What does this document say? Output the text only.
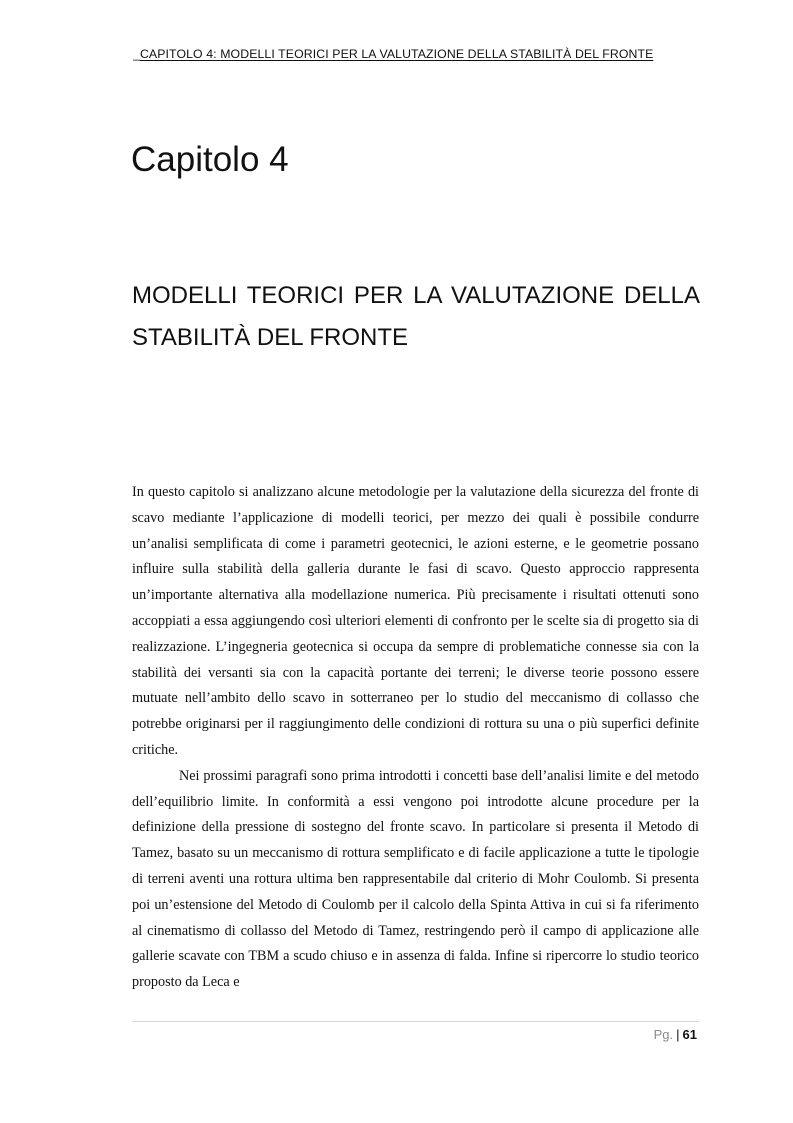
_CAPITOLO 4: MODELLI TEORICI PER LA VALUTAZIONE DELLA STABILITÀ DEL FRONTE
Capitolo 4
MODELLI TEORICI PER LA VALUTAZIONE DELLA STABILITÀ DEL FRONTE

In questo capitolo si analizzano alcune metodologie per la valutazione della sicurezza del fronte di scavo mediante l’applicazione di modelli teorici, per mezzo dei quali è possibile condurre un’analisi semplificata di come i parametri geotecnici, le azioni esterne, e le geometrie possano influire sulla stabilità della galleria durante le fasi di scavo. Questo approccio rappresenta un’importante alternativa alla modellazione numerica. Più precisamente i risultati ottenuti sono accoppiati a essa aggiungendo così ulteriori elementi di confronto per le scelte sia di progetto sia di realizzazione. L’ingegneria geotecnica si occupa da sempre di problematiche connesse sia con la stabilità dei versanti sia con la capacità portante dei terreni; le diverse teorie possono essere mutuate nell’ambito dello scavo in sotterraneo per lo studio del meccanismo di collasso che potrebbe originarsi per il raggiungimento delle condizioni di rottura su una o più superfici definite critiche.

Nei prossimi paragrafi sono prima introdotti i concetti base dell’analisi limite e del metodo dell’equilibrio limite. In conformità a essi vengono poi introdotte alcune procedure per la definizione della pressione di sostegno del fronte scavo. In particolare si presenta il Metodo di Tamez, basato su un meccanismo di rottura semplificato e di facile applicazione a tutte le tipologie di terreni aventi una rottura ultima ben rappresentabile dal criterio di Mohr Coulomb. Si presenta poi un’estensione del Metodo di Coulomb per il calcolo della Spinta Attiva in cui si fa riferimento al cinematismo di collasso del Metodo di Tamez, restringendo però il campo di applicazione alle gallerie scavate con TBM a scudo chiuso e in assenza di falda. Infine si ripercorre lo studio teorico proposto da Leca e

Pg. | 61
